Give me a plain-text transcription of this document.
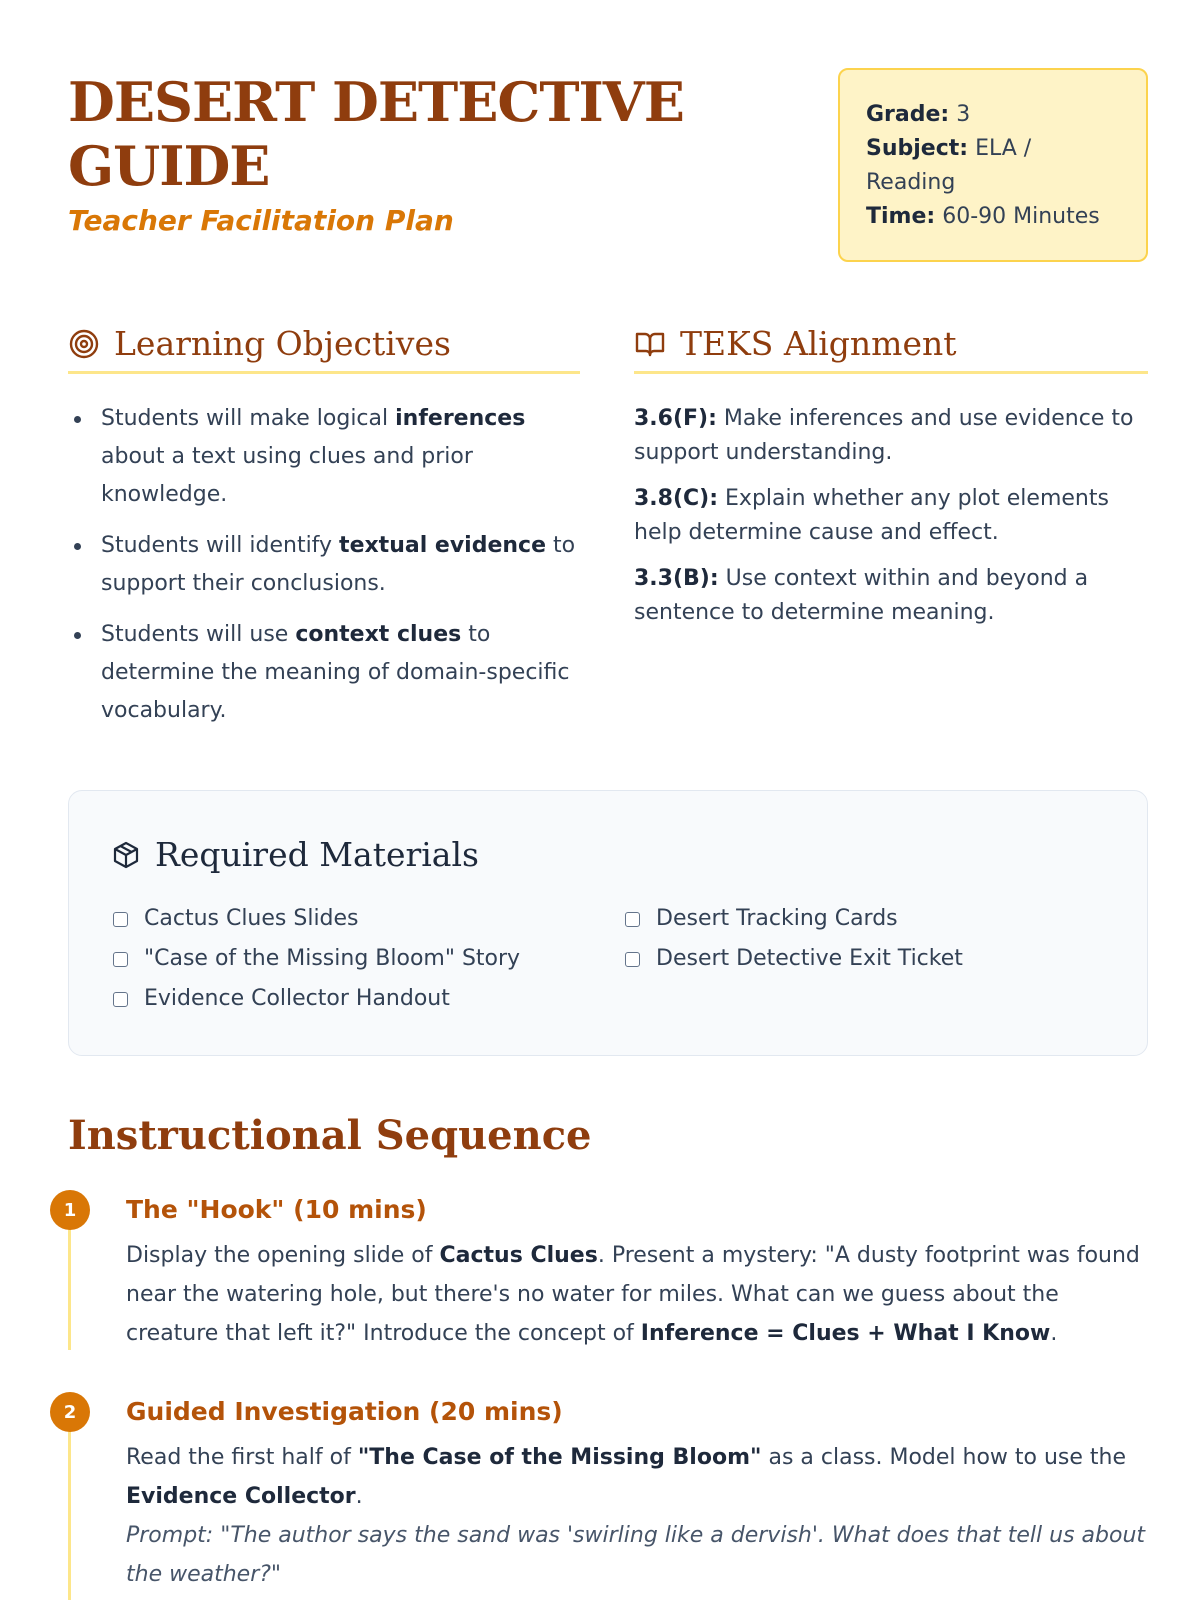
DESERT DETECTIVE GUIDE
Teacher Facilitation Plan
Grade: 3
Subject: ELA / Reading
Time: 60-90 Minutes
Learning Objectives
Students will make logical inferences about a text using clues and prior knowledge.
Students will identify textual evidence to support their conclusions.
Students will use context clues to determine the meaning of domain-specific vocabulary.
TEKS Alignment

3.6(F): Make inferences and use evidence to support understanding.

3.8(C): Explain whether any plot elements help determine cause and effect.

3.3(B): Use context within and beyond a sentence to determine meaning.

Required Materials
Cactus Clues Slides
"Case of the Missing Bloom" Story
Evidence Collector Handout
Desert Tracking Cards
Desert Detective Exit Ticket
Instructional Sequence
1	The "Hook" (10 mins)
Display the opening slide of Cactus Clues. Present a mystery: "A dusty footprint was found near the watering hole, but there's no water for miles. What can we guess about the creature that left it?" Introduce the concept of Inference = Clues + What I Know.
2	Guided Investigation (20 mins)
Read the first half of "The Case of the Missing Bloom" as a class. Model how to use the Evidence Collector.
Prompt: "The author says the sand was 'swirling like a dervish'. What does that tell us about the weather?"
